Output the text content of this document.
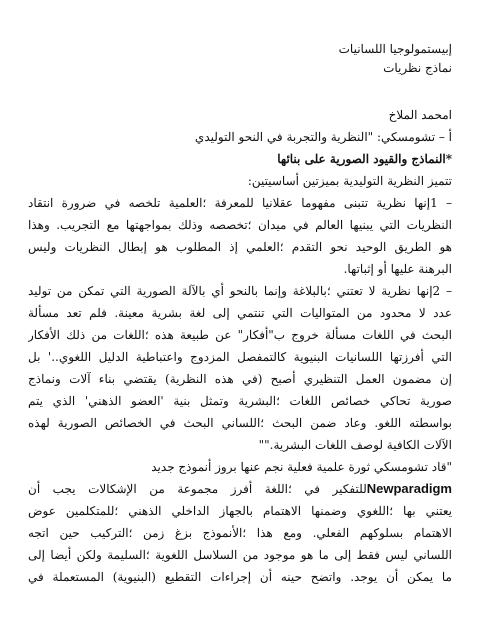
إبيستمولوجيا اللسانيات

نماذج نظريات

امحمد الملاخ

أ – تشومسكي: "النظرية والتجربة في النحو التوليدي

*النماذج والقيود الصورية على بنائها

تتميز النظرية التوليدية بميزتين أساسيتين:

– 1إنها نظرية تتبنى مفهوما عقلانيا للمعرفة ؛العلمية تلخصه في ضرورة انتقاد

النظريات التي يبنيها العالم في ميدان ؛تخصصه وذلك بمواجهتها مع التجريب. وهذا

هو الطريق الوحيد نحو التقدم ؛العلمي إذ المطلوب هو إبطال النظريات وليس

البرهنة عليها أو إثباتها.

– 2إنها نظرية لا تعتني ؛بالبلاغة وإنما بالنحو أي بالآلة الصورية التي تمكن من توليد

عدد لا محدود من المتواليات التي تنتمي إلى لغة بشرية معينة. فلم تعد مسألة

البحث في اللغات مسألة خروج ب"أفكار" عن طبيعة هذه ؛اللغات من ذلك الأفكار

التي أفرزتها اللسانيات البنيوية كالتمفصل المزدوج واعتباطية الدليل اللغوي..' بل

إن مضمون العمل التنظيري أصبح (في هذه النظرية) يقتضي بناء آلات ونماذج

صورية تحاكي خصائص اللغات ؛البشرية وتمثل بنية 'العضو الذهني' الذي يتم

بواسطته اللغو. وعاد ضمن البحث ؛اللساني البحث في الخصائص الصورية لهذه

الآلات الكافية لوصف اللغات البشرية.""

"قاد تشومسكي ثورة علمية فعلية نجم عنها بروز أنموذج جديد

Newparadigmللتفكير في ؛اللغة أفرز مجموعة من الإشكالات يجب أن

يعتني بها ؛اللغوي وضمنها الاهتمام بالجهاز الداخلي الذهني ؛للمتكلمين عوض

الاهتمام بسلوكهم الفعلي. ومع هذا ؛الأنموذج بزغ زمن ؛التركيب حين اتجه

اللساني ليس فقط إلى ما هو موجود من السلاسل اللغوية ؛السليمة ولكن أيضا إلى

ما يمكن أن يوجد. واتضح حينه أن إجراءات التقطيع (البنيوية) المستعملة في
